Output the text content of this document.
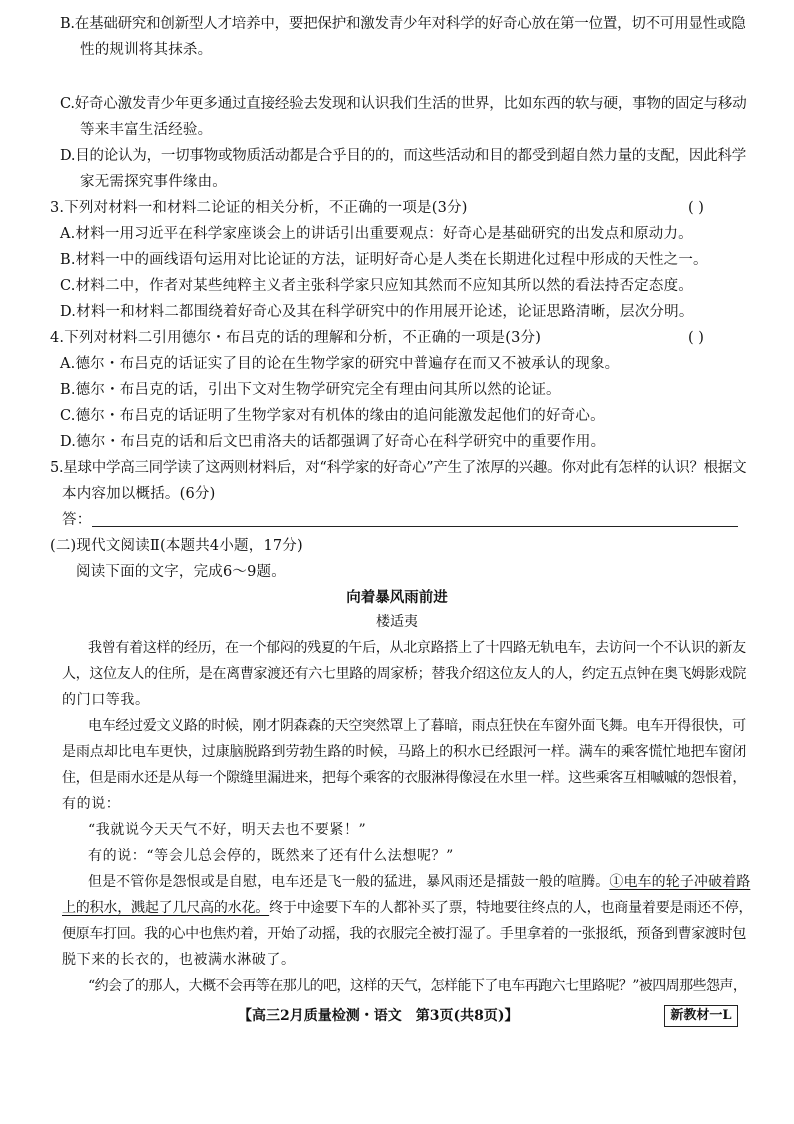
B.在基础研究和创新型人才培养中，要把保护和激发青少年对科学的好奇心放在第一位置，切不可用显性或隐
性的规训将其抹杀。
C.好奇心激发青少年更多通过直接经验去发现和认识我们生活的世界，比如东西的软与硬，事物的固定与移动
等来丰富生活经验。
D.目的论认为，一切事物或物质活动都是合乎目的的，而这些活动和目的都受到超自然力量的支配，因此科学
家无需探究事件缘由。
3.下列对材料一和材料二论证的相关分析，不正确的一项是(3分)	( )
A.材料一用习近平在科学家座谈会上的讲话引出重要观点：好奇心是基础研究的出发点和原动力。
B.材料一中的画线语句运用对比论证的方法，证明好奇心是人类在长期进化过程中形成的天性之一。
C.材料二中，作者对某些纯粹主义者主张科学家只应知其然而不应知其所以然的看法持否定态度。
D.材料一和材料二都围绕着好奇心及其在科学研究中的作用展开论述，论证思路清晰，层次分明。
4.下列对材料二引用德尔・布吕克的话的理解和分析，不正确的一项是(3分)	( )
A.德尔・布吕克的话证实了目的论在生物学家的研究中普遍存在而又不被承认的现象。
B.德尔・布吕克的话，引出下文对生物学研究完全有理由问其所以然的论证。
C.德尔・布吕克的话证明了生物学家对有机体的缘由的追问能激发起他们的好奇心。
D.德尔・布吕克的话和后文巴甫洛夫的话都强调了好奇心在科学研究中的重要作用。
5.星球中学高三同学读了这两则材料后，对“科学家的好奇心”产生了浓厚的兴趣。你对此有怎样的认识？根据文
本内容加以概括。(6分)
答：
(二)现代文阅读Ⅱ(本题共4小题，17分)
阅读下面的文字，完成6～9题。
向着暴风雨前进
楼适夷
我曾有着这样的经历，在一个郁闷的残夏的午后，从北京路搭上了十四路无轨电车，去访问一个不认识的新友
人，这位友人的住所，是在离曹家渡还有六七里路的周家桥；替我介绍这位友人的人，约定五点钟在奥飞姆影戏院
的门口等我。
电车经过爱文义路的时候，刚才阴森森的天空突然罩上了暮暗，雨点狂快在车窗外面飞舞。电车开得很快，可
是雨点却比电车更快，过康脑脱路到劳勃生路的时候，马路上的积水已经跟河一样。满车的乘客慌忙地把车窗闭
住，但是雨水还是从每一个隙缝里漏进来，把每个乘客的衣服淋得像浸在水里一样。这些乘客互相嘁嘁的怨恨着，
有的说：
“我就说今天天气不好，明天去也不要紧！”
有的说：“等会儿总会停的，既然来了还有什么法想呢？”
但是不管你是怨恨或是自慰，电车还是飞一般的猛进，暴风雨还是擂鼓一般的喧腾。①电车的轮子冲破着路
上的积水，溅起了几尺高的水花。终于中途要下车的人都补买了票，特地要往终点的人，也商量着要是雨还不停，
便原车打回。我的心中也焦灼着，开始了动摇，我的衣服完全被打湿了。手里拿着的一张报纸，预备到曹家渡时包
脱下来的长衣的，也被满水淋破了。
“约会了的那人，大概不会再等在那儿的吧，这样的天气，怎样能下了电车再跑六七里路呢？”被四周那些怨声，
【高三2月质量检测・语文　第3页(共8页)】	新教材一L
